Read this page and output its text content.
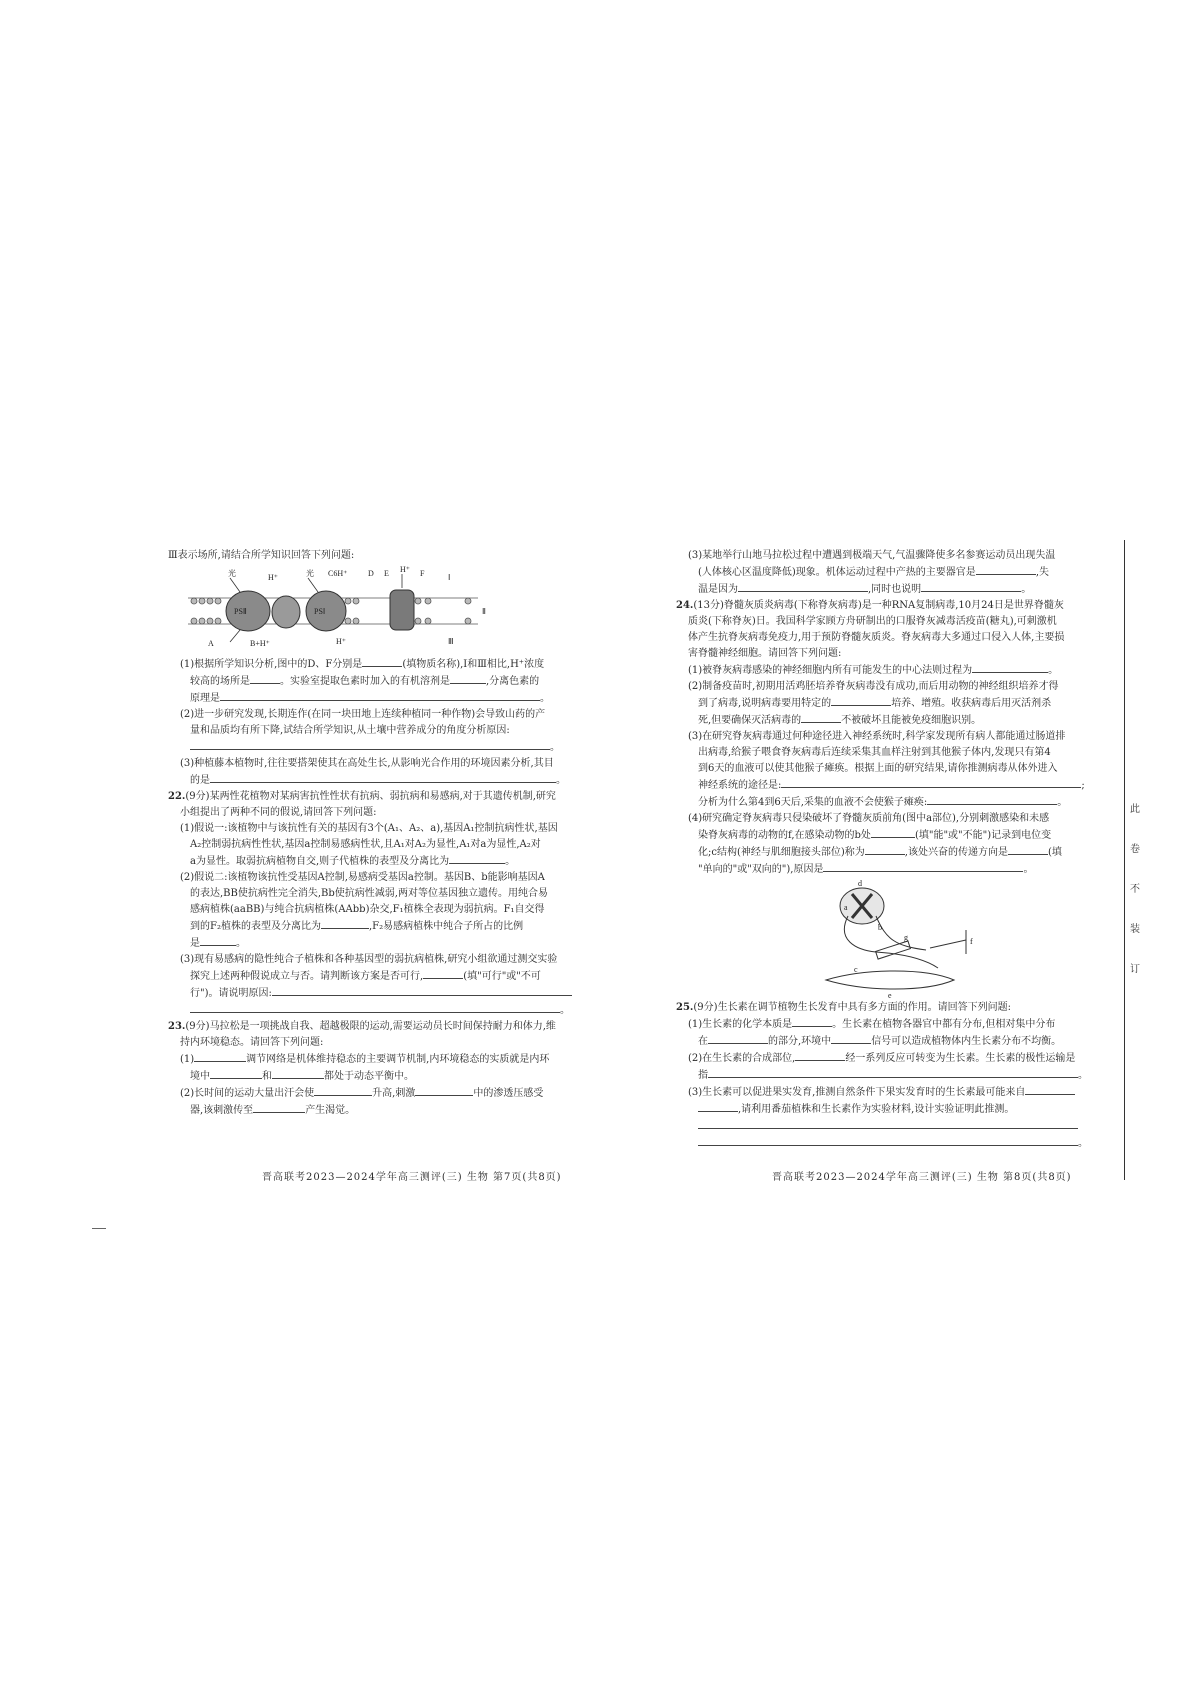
Ⅲ表示场所,请结合所学知识回答下列问题:
PSⅡ	PSⅠ
光	H⁺	光 C6H⁺	D E H⁺ F	Ⅰ
A	B+H⁺	H⁺
Ⅱ
Ⅲ
(1)根据所学知识分析,图中的D、F分别是	(填物质名称),Ⅰ和Ⅲ相比,H⁺浓度
较高的场所是	。实验室提取色素时加入的有机溶剂是	,分离色素的
原理是	。
(2)进一步研究发现,长期连作(在同一块田地上连续种植同一种作物)会导致山药的产
量和品质均有所下降,试结合所学知识,从土壤中营养成分的角度分析原因:
。
(3)种植藤本植物时,往往要搭架使其在高处生长,从影响光合作用的环境因素分析,其目
的是	。
22.(9分)某两性花植物对某病害抗性性状有抗病、弱抗病和易感病,对于其遗传机制,研究
小组提出了两种不同的假说,请回答下列问题:
(1)假说一:该植物中与该抗性有关的基因有3个(A₁、A₂、a),基因A₁控制抗病性状,基因
A₂控制弱抗病性性状,基因a控制易感病性状,且A₁对A₂为显性,A₁对a为显性,A₂对
a为显性。取弱抗病植物自交,则子代植株的表型及分离比为	。
(2)假说二:该植物该抗性受基因A控制,易感病受基因a控制。基因B、b能影响基因A
的表达,BB使抗病性完全消失,Bb使抗病性减弱,两对等位基因独立遗传。用纯合易
感病植株(aaBB)与纯合抗病植株(AAbb)杂交,F₁植株全表现为弱抗病。F₁自交得
到的F₂植株的表型及分离比为	,F₂易感病植株中纯合子所占的比例
是	。
(3)现有易感病的隐性纯合子植株和各种基因型的弱抗病植株,研究小组欲通过测交实验
探究上述两种假说成立与否。请判断该方案是否可行,	(填"可行"或"不可
行")。请说明原因:
。
23.(9分)马拉松是一项挑战自我、超越极限的运动,需要运动员长时间保持耐力和体力,维
持内环境稳态。请回答下列问题:
(1)	调节网络是机体维持稳态的主要调节机制,内环境稳态的实质就是内环
境中	和	都处于动态平衡中。
(2)长时间的运动大量出汗会使	升高,刺激	中的渗透压感受
器,该刺激传至	产生渴觉。
晋高联考2023—2024学年高三测评(三) 生物 第7页(共8页)
(3)某地举行山地马拉松过程中遭遇到极端天气,气温骤降使多名参赛运动员出现失温
(人体核心区温度降低)现象。机体运动过程中产热的主要器官是	,失
温是因为	,同时也说明	。
24.(13分)脊髓灰质炎病毒(下称脊灰病毒)是一种RNA复制病毒,10月24日是世界脊髓灰
质炎(下称脊灰)日。我国科学家顾方舟研制出的口服脊灰减毒活疫苗(糖丸),可刺激机
体产生抗脊灰病毒免疫力,用于预防脊髓灰质炎。脊灰病毒大多通过口侵入人体,主要损
害脊髓神经细胞。请回答下列问题:
(1)被脊灰病毒感染的神经细胞内所有可能发生的中心法则过程为	。
(2)制备疫苗时,初期用活鸡胚培养脊灰病毒没有成功,而后用动物的神经组织培养才得
到了病毒,说明病毒要用特定的	培养、增殖。收获病毒后用灭活剂杀
死,但要确保灭活病毒的	不被破坏且能被免疫细胞识别。
(3)在研究脊灰病毒通过何种途径进入神经系统时,科学家发现所有病人都能通过肠道排
出病毒,给猴子喂食脊灰病毒后连续采集其血样注射到其他猴子体内,发现只有第4
到6天的血液可以使其他猴子瘫痪。根据上面的研究结果,请你推测病毒从体外进入
神经系统的途径是:	;
分析为什么第4到6天后,采集的血液不会使猴子瘫痪:	。
(4)研究确定脊灰病毒只侵染破坏了脊髓灰质前角(图中a部位),分别刺激感染和未感
染脊灰病毒的动物的f,在感染动物的b处	(填"能"或"不能")记录到电位变
化;c结构(神经与肌细胞接头部位)称为	,该处兴奋的传递方向是	(填
"单向的"或"双向的"),原因是	。
d
a
b
c
e
f
g
25.(9分)生长素在调节植物生长发育中具有多方面的作用。请回答下列问题:
(1)生长素的化学本质是	。生长素在植物各器官中都有分布,但相对集中分布
在	的部分,环境中	信号可以造成植物体内生长素分布不均衡。
(2)在生长素的合成部位,	经一系列反应可转变为生长素。生长素的极性运输是
指	。
(3)生长素可以促进果实发育,推测自然条件下果实发育时的生长素最可能来自
,请利用番茄植株和生长素作为实验材料,设计实验证明此推测。
。
晋高联考2023—2024学年高三测评(三) 生物 第8页(共8页)
此
卷
不
装
订
